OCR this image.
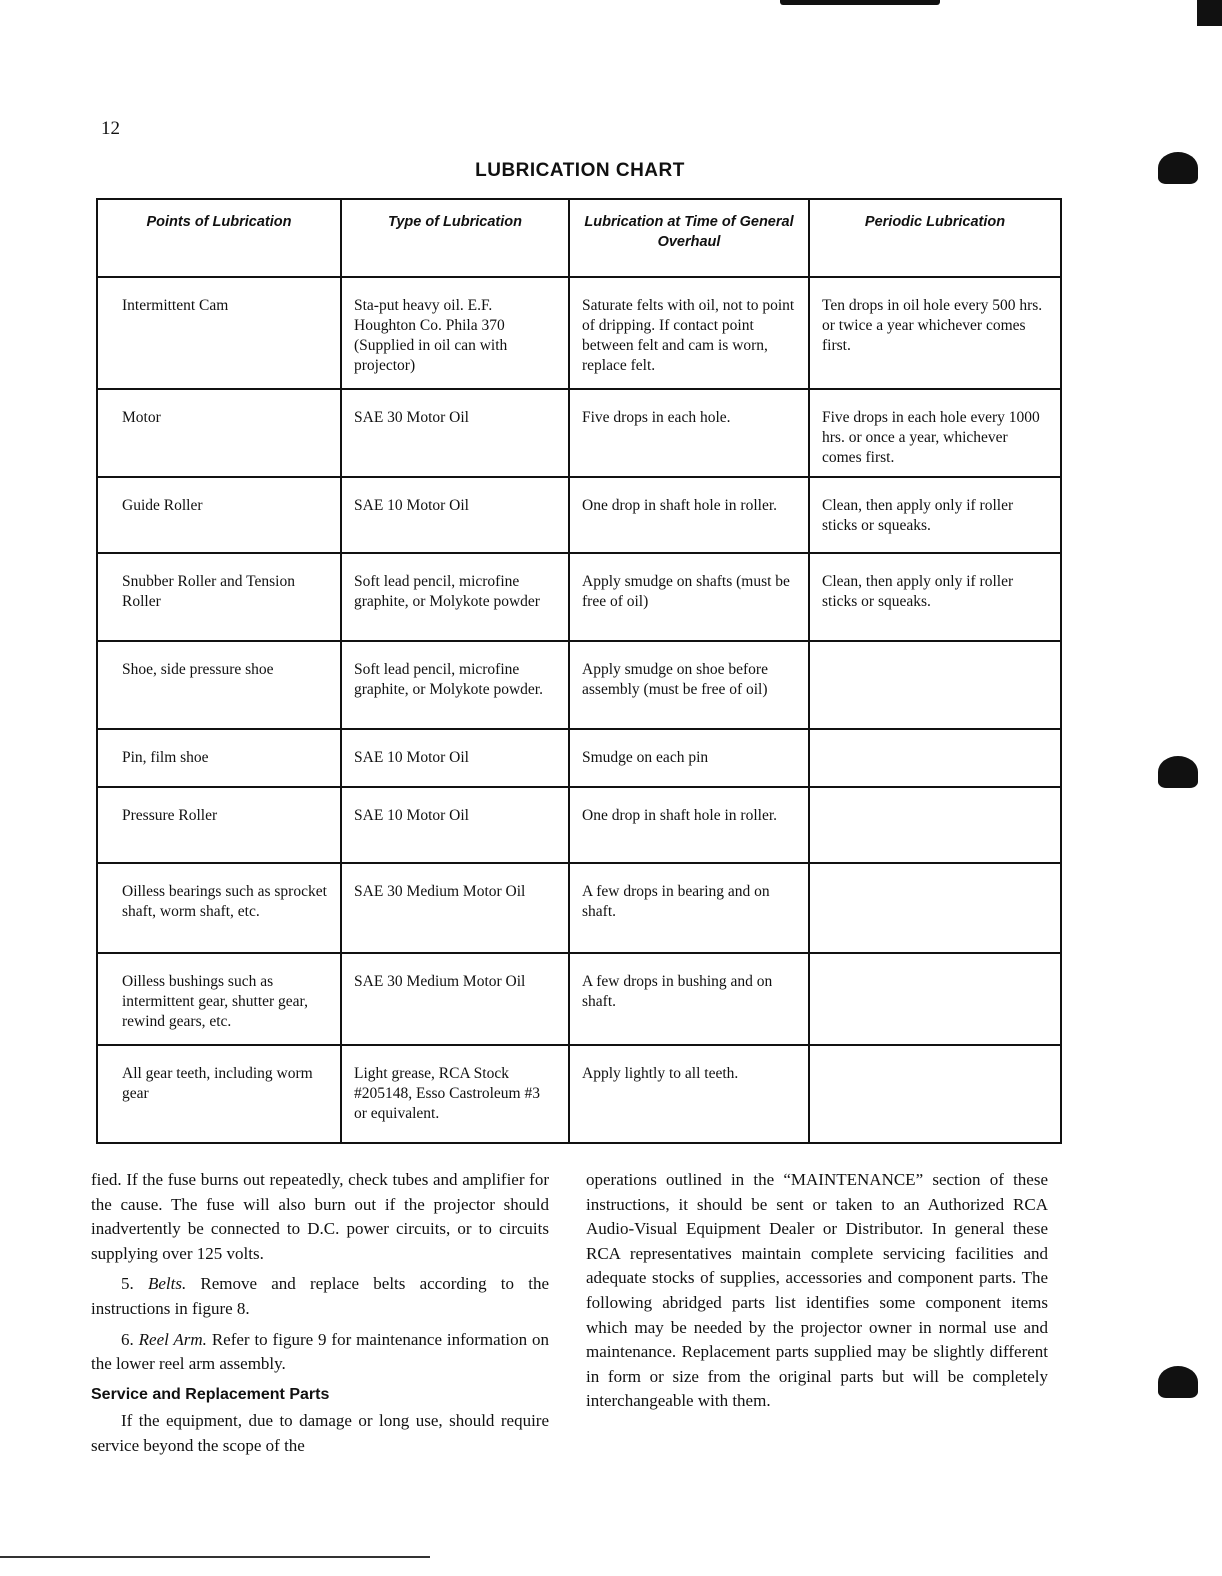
12
LUBRICATION CHART
Points of Lubrication	Type of Lubrication	Lubrication at Time of General Overhaul	Periodic Lubrication

Intermittent Cam	Sta-put heavy oil. E.F. Houghton Co. Phila 370 (Supplied in oil can with projector)	Saturate felts with oil, not to point of dripping. If contact point between felt and cam is worn, replace felt.	Ten drops in oil hole every 500 hrs. or twice a year whichever comes first.

Motor	SAE 30 Motor Oil	Five drops in each hole.	Five drops in each hole every 1000 hrs. or once a year, whichever comes first.

Guide Roller	SAE 10 Motor Oil	One drop in shaft hole in roller.	Clean, then apply only if roller sticks or squeaks.

Snubber Roller and Tension Roller	Soft lead pencil, microfine graphite, or Molykote powder	Apply smudge on shafts (must be free of oil)	Clean, then apply only if roller sticks or squeaks.

Shoe, side pressure shoe	Soft lead pencil, microfine graphite, or Molykote powder.	Apply smudge on shoe before assembly (must be free of oil)	

Pin, film shoe	SAE 10 Motor Oil	Smudge on each pin	

Pressure Roller	SAE 10 Motor Oil	One drop in shaft hole in roller.	

Oilless bearings such as sprocket shaft, worm shaft, etc.	SAE 30 Medium Motor Oil	A few drops in bearing and on shaft.	

Oilless bushings such as intermittent gear, shutter gear, rewind gears, etc.	SAE 30 Medium Motor Oil	A few drops in bushing and on shaft.	

All gear teeth, including worm gear	Light grease, RCA Stock #205148, Esso Castroleum #3 or equivalent.	Apply lightly to all teeth.	

fied. If the fuse burns out repeatedly, check tubes and amplifier for the cause. The fuse will also burn out if the projector should inadvertently be connected to D.C. power circuits, or to circuits supplying over 125 volts.

5. Belts. Remove and replace belts according to the instructions in figure 8.

6. Reel Arm. Refer to figure 9 for maintenance information on the lower reel arm assembly.

Service and Replacement Parts

If the equipment, due to damage or long use, should require service beyond the scope of the

operations outlined in the “MAINTENANCE” section of these instructions, it should be sent or taken to an Authorized RCA Audio-Visual Equipment Dealer or Distributor. In general these RCA representatives maintain complete servicing facilities and adequate stocks of supplies, accessories and component parts. The following abridged parts list identifies some component items which may be needed by the projector owner in normal use and maintenance. Replacement parts supplied may be slightly different in form or size from the original parts but will be completely interchangeable with them.
